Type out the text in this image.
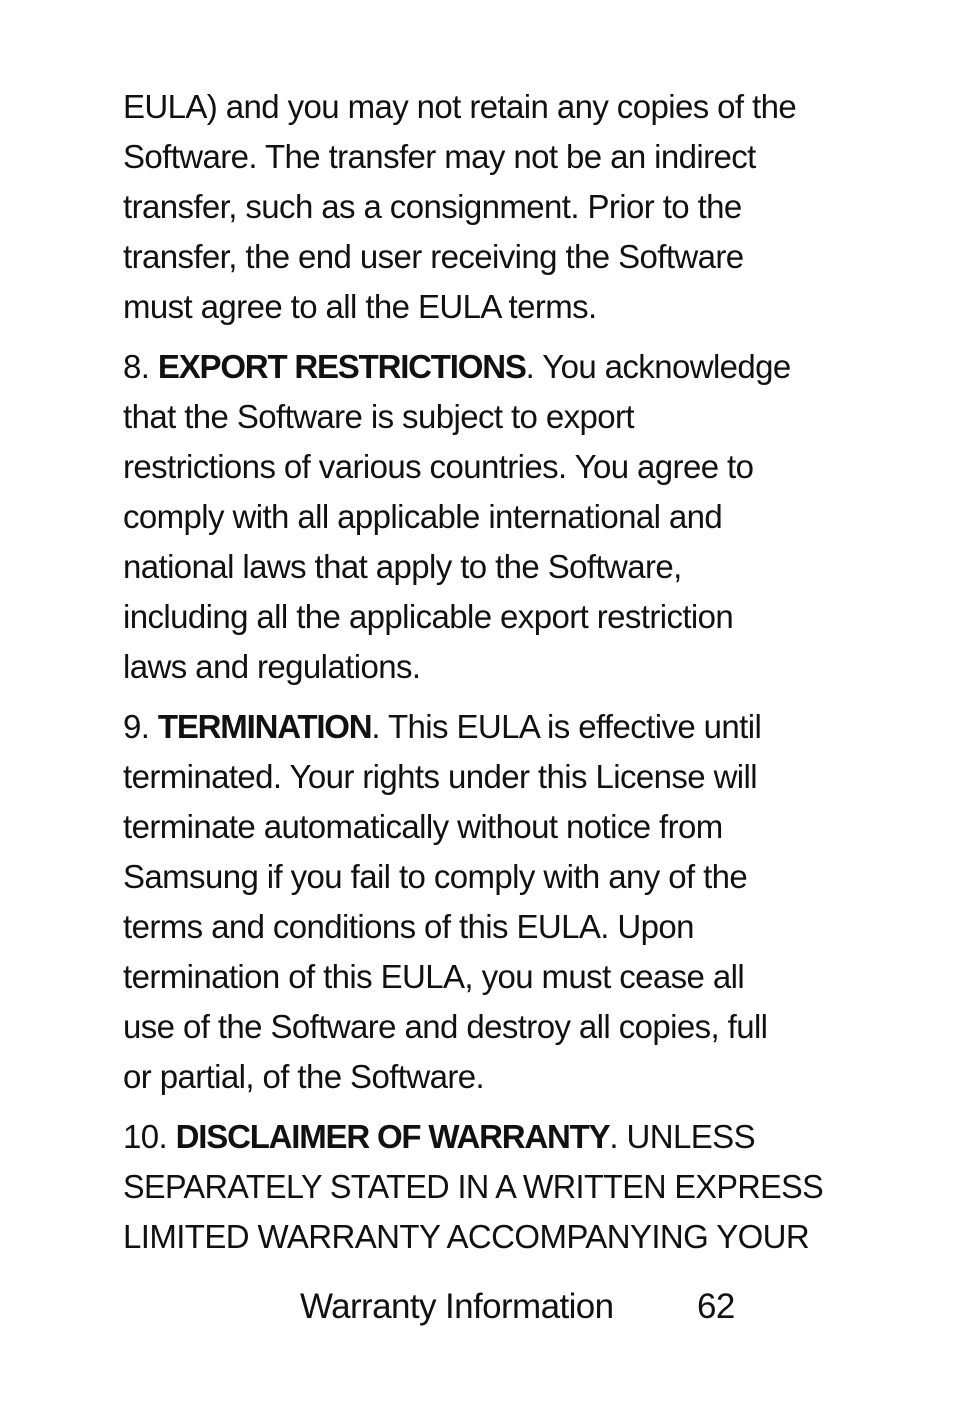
EULA) and you may not retain any copies of the
Software. The transfer may not be an indirect
transfer, such as a consignment. Prior to the
transfer, the end user receiving the Software
must agree to all the EULA terms.

8. EXPORT RESTRICTIONS. You acknowledge
that the Software is subject to export
restrictions of various countries. You agree to
comply with all applicable international and
national laws that apply to the Software,
including all the applicable export restriction
laws and regulations.

9. TERMINATION. This EULA is effective until
terminated. Your rights under this License will
terminate automatically without notice from
Samsung if you fail to comply with any of the
terms and conditions of this EULA. Upon
termination of this EULA, you must cease all
use of the Software and destroy all copies, full
or partial, of the Software.

10. DISCLAIMER OF WARRANTY. UNLESS
SEPARATELY STATED IN A WRITTEN EXPRESS
LIMITED WARRANTY ACCOMPANYING YOUR

Warranty Information 62
